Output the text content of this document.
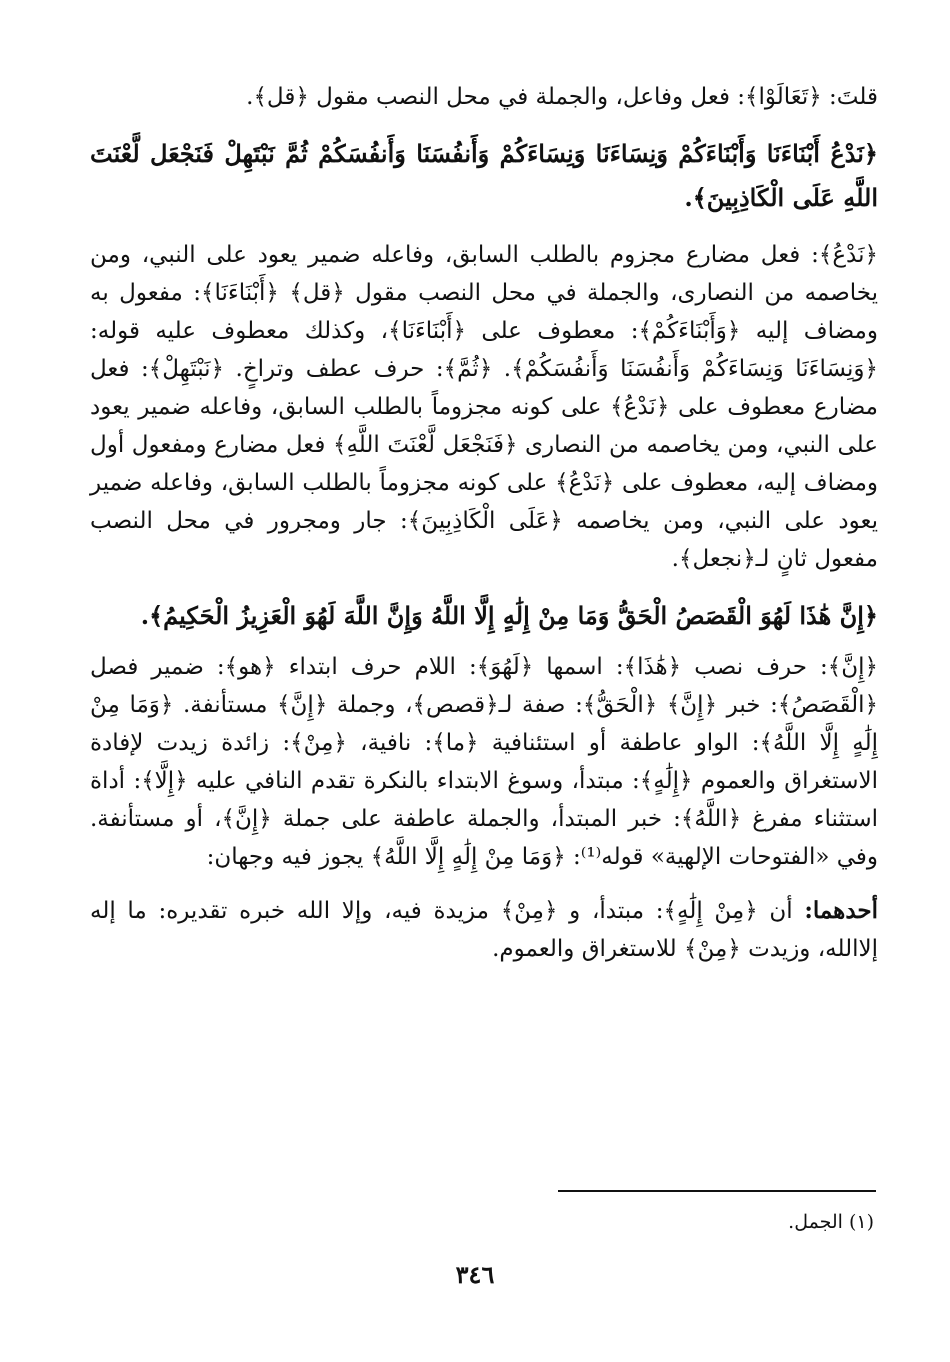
قلتَ: ﴿تَعَالَوْا﴾: فعل وفاعل، والجملة في محل النصب مقول ﴿قل﴾.

﴿نَدْعُ أَبْنَاءَنَا وَأَبْنَاءَكُمْ وَنِسَاءَنَا وَنِسَاءَكُمْ وَأَنفُسَنَا وَأَنفُسَكُمْ ثُمَّ نَبْتَهِلْ فَنَجْعَل لَّعْنَتَ اللَّهِ عَلَى الْكَاذِبِينَ﴾.

﴿نَدْعُ﴾: فعل مضارع مجزوم بالطلب السابق، وفاعله ضمير يعود على النبي، ومن يخاصمه من النصارى، والجملة في محل النصب مقول ﴿قل﴾ ﴿أَبْنَاءَنَا﴾: مفعول به ومضاف إليه ﴿وَأَبْنَاءَكُمْ﴾: معطوف على ﴿أَبْنَاءَنَا﴾، وكذلك معطوف عليه قوله: ﴿وَنِسَاءَنَا وَنِسَاءَكُمْ وَأَنفُسَنَا وَأَنفُسَكُمْ﴾. ﴿ثُمَّ﴾: حرف عطف وتراخٍ. ﴿نَبْتَهِلْ﴾: فعل مضارع معطوف على ﴿نَدْعُ﴾ على كونه مجزوماً بالطلب السابق، وفاعله ضمير يعود على النبي، ومن يخاصمه من النصارى ﴿فَنَجْعَل لَّعْنَتَ اللَّهِ﴾ فعل مضارع ومفعول أول ومضاف إليه، معطوف على ﴿نَدْعُ﴾ على كونه مجزوماً بالطلب السابق، وفاعله ضمير يعود على النبي، ومن يخاصمه ﴿عَلَى الْكَاذِبِينَ﴾: جار ومجرور في محل النصب مفعول ثانٍ لـ﴿نجعل﴾.

﴿إِنَّ هَٰذَا لَهُوَ الْقَصَصُ الْحَقُّ وَمَا مِنْ إِلَٰهٍ إِلَّا اللَّهُ وَإِنَّ اللَّهَ لَهُوَ الْعَزِيزُ الْحَكِيمُ﴾.

﴿إِنَّ﴾: حرف نصب ﴿هَٰذَا﴾: اسمها ﴿لَهُوَ﴾: اللام حرف ابتداء ﴿هو﴾: ضمير فصل ﴿الْقَصَصُ﴾: خبر ﴿إِنَّ﴾ ﴿الْحَقُّ﴾: صفة لـ﴿قصص﴾، وجملة ﴿إِنَّ﴾ مستأنفة. ﴿وَمَا مِنْ إِلَٰهٍ إِلَّا اللَّهُ﴾: الواو عاطفة أو استئنافية ﴿ما﴾: نافية، ﴿مِنْ﴾: زائدة زيدت لإفادة الاستغراق والعموم ﴿إِلَٰهٍ﴾: مبتدأ، وسوغ الابتداء بالنكرة تقدم النافي عليه ﴿إِلَّا﴾: أداة استثناء مفرغ ﴿اللَّهُ﴾: خبر المبتدأ، والجملة عاطفة على جملة ﴿إِنَّ﴾، أو مستأنفة. وفي «الفتوحات الإلهية» قوله⁽¹⁾: ﴿وَمَا مِنْ إِلَٰهٍ إِلَّا اللَّهُ﴾ يجوز فيه وجهان:

أحدهما: أن ﴿مِنْ إِلَٰهٍ﴾: مبتدأ، و ﴿مِنْ﴾ مزيدة فيه، وإلا الله خبره تقديره: ما إله إلاالله، وزيدت ﴿مِنْ﴾ للاستغراق والعموم.

(١) الجمل.
٣٤٦
